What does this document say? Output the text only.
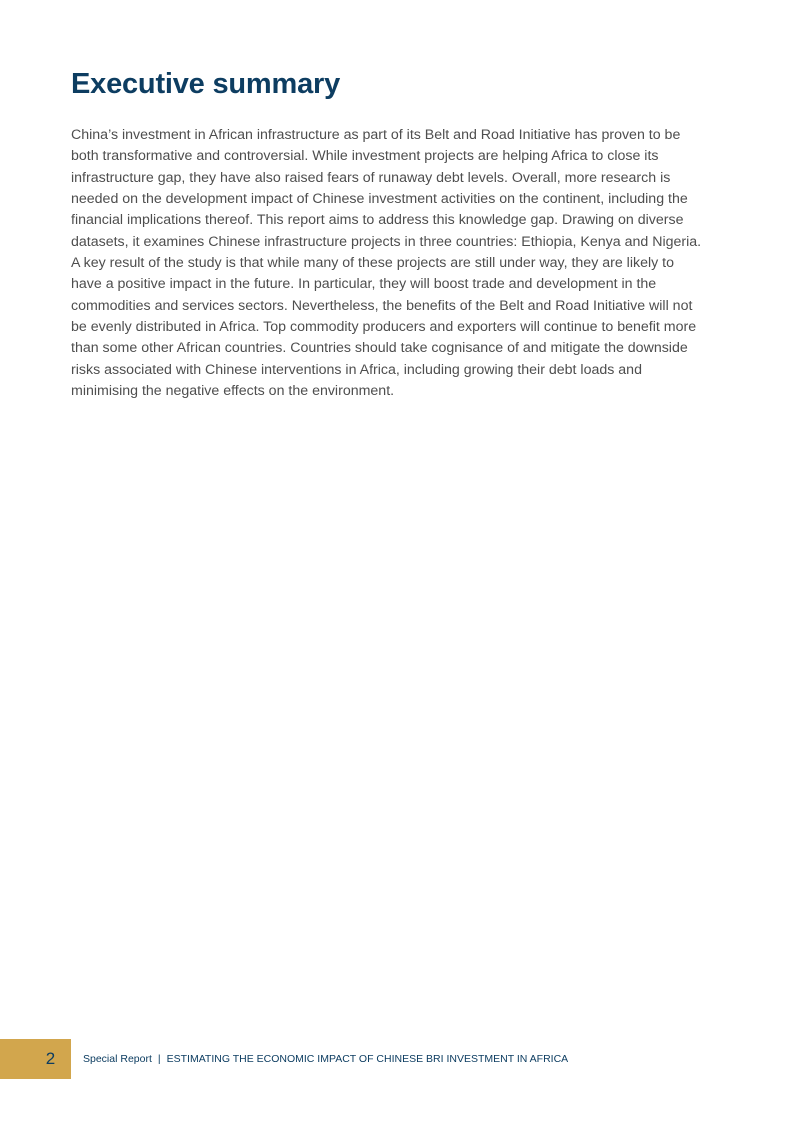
Executive summary

China’s investment in African infrastructure as part of its Belt and Road Initiative has proven to be both transformative and controversial. While investment projects are helping Africa to close its infrastructure gap, they have also raised fears of runaway debt levels. Overall, more research is needed on the development impact of Chinese investment activities on the continent, including the financial implications thereof. This report aims to address this knowledge gap. Drawing on diverse datasets, it examines Chinese infrastructure projects in three countries: Ethiopia, Kenya and Nigeria. A key result of the study is that while many of these projects are still under way, they are likely to have a positive impact in the future. In particular, they will boost trade and development in the commodities and services sectors. Nevertheless, the benefits of the Belt and Road Initiative will not be evenly distributed in Africa. Top commodity producers and exporters will continue to benefit more than some other African countries. Countries should take cognisance of and mitigate the downside risks associated with Chinese interventions in Africa, including growing their debt loads and minimising the negative effects on the environment.

2	Special Report | ESTIMATING THE ECONOMIC IMPACT OF CHINESE BRI INVESTMENT IN AFRICA
